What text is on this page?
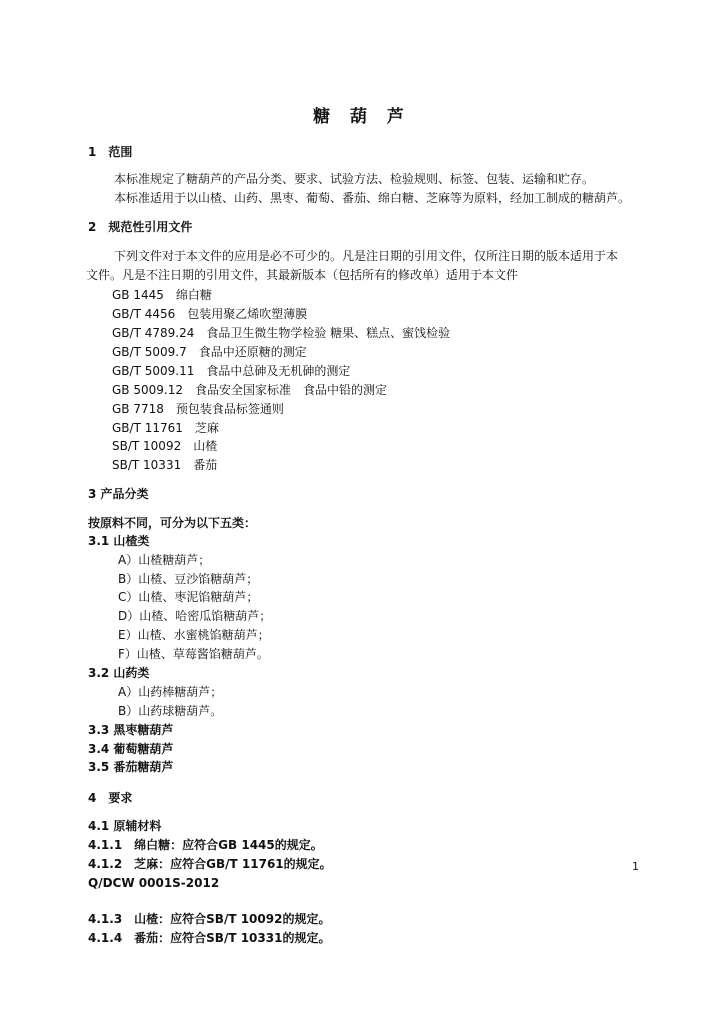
糖 葫 芦
1　范围
本标准规定了糖葫芦的产品分类、要求、试验方法、检验规则、标签、包装、运输和贮存。
本标准适用于以山楂、山药、黑枣、葡萄、番茄、绵白糖、芝麻等为原料，经加工制成的糖葫芦。
2　规范性引用文件
下列文件对于本文件的应用是必不可少的。凡是注日期的引用文件，仅所注日期的版本适用于本
文件。凡是不注日期的引用文件，其最新版本（包括所有的修改单）适用于本文件
GB 1445　绵白糖
GB/T 4456　包装用聚乙烯吹塑薄膜
GB/T 4789.24　食品卫生微生物学检验 糖果、糕点、蜜饯检验
GB/T 5009.7　食品中还原糖的测定
GB/T 5009.11　食品中总砷及无机砷的测定
GB 5009.12　食品安全国家标准　食品中铅的测定
GB 7718　预包装食品标签通则
GB/T 11761　芝麻
SB/T 10092　山楂
SB/T 10331　番茄
3 产品分类
按原料不同，可分为以下五类：
3.1 山楂类
A）山楂糖葫芦；
B）山楂、豆沙馅糖葫芦；
C）山楂、枣泥馅糖葫芦；
D）山楂、哈密瓜馅糖葫芦；
E）山楂、水蜜桃馅糖葫芦；
F）山楂、草莓酱馅糖葫芦。
3.2 山药类
A）山药棒糖葫芦；
B）山药球糖葫芦。
3.3 黑枣糖葫芦
3.4 葡萄糖葫芦
3.5 番茄糖葫芦
4　要求
4.1 原辅材料
4.1.1　绵白糖：应符合GB 1445的规定。
4.1.2　芝麻：应符合GB/T 11761的规定。
Q/DCW 0001S-2012
1
4.1.3　山楂：应符合SB/T 10092的规定。
4.1.4　番茄：应符合SB/T 10331的规定。
